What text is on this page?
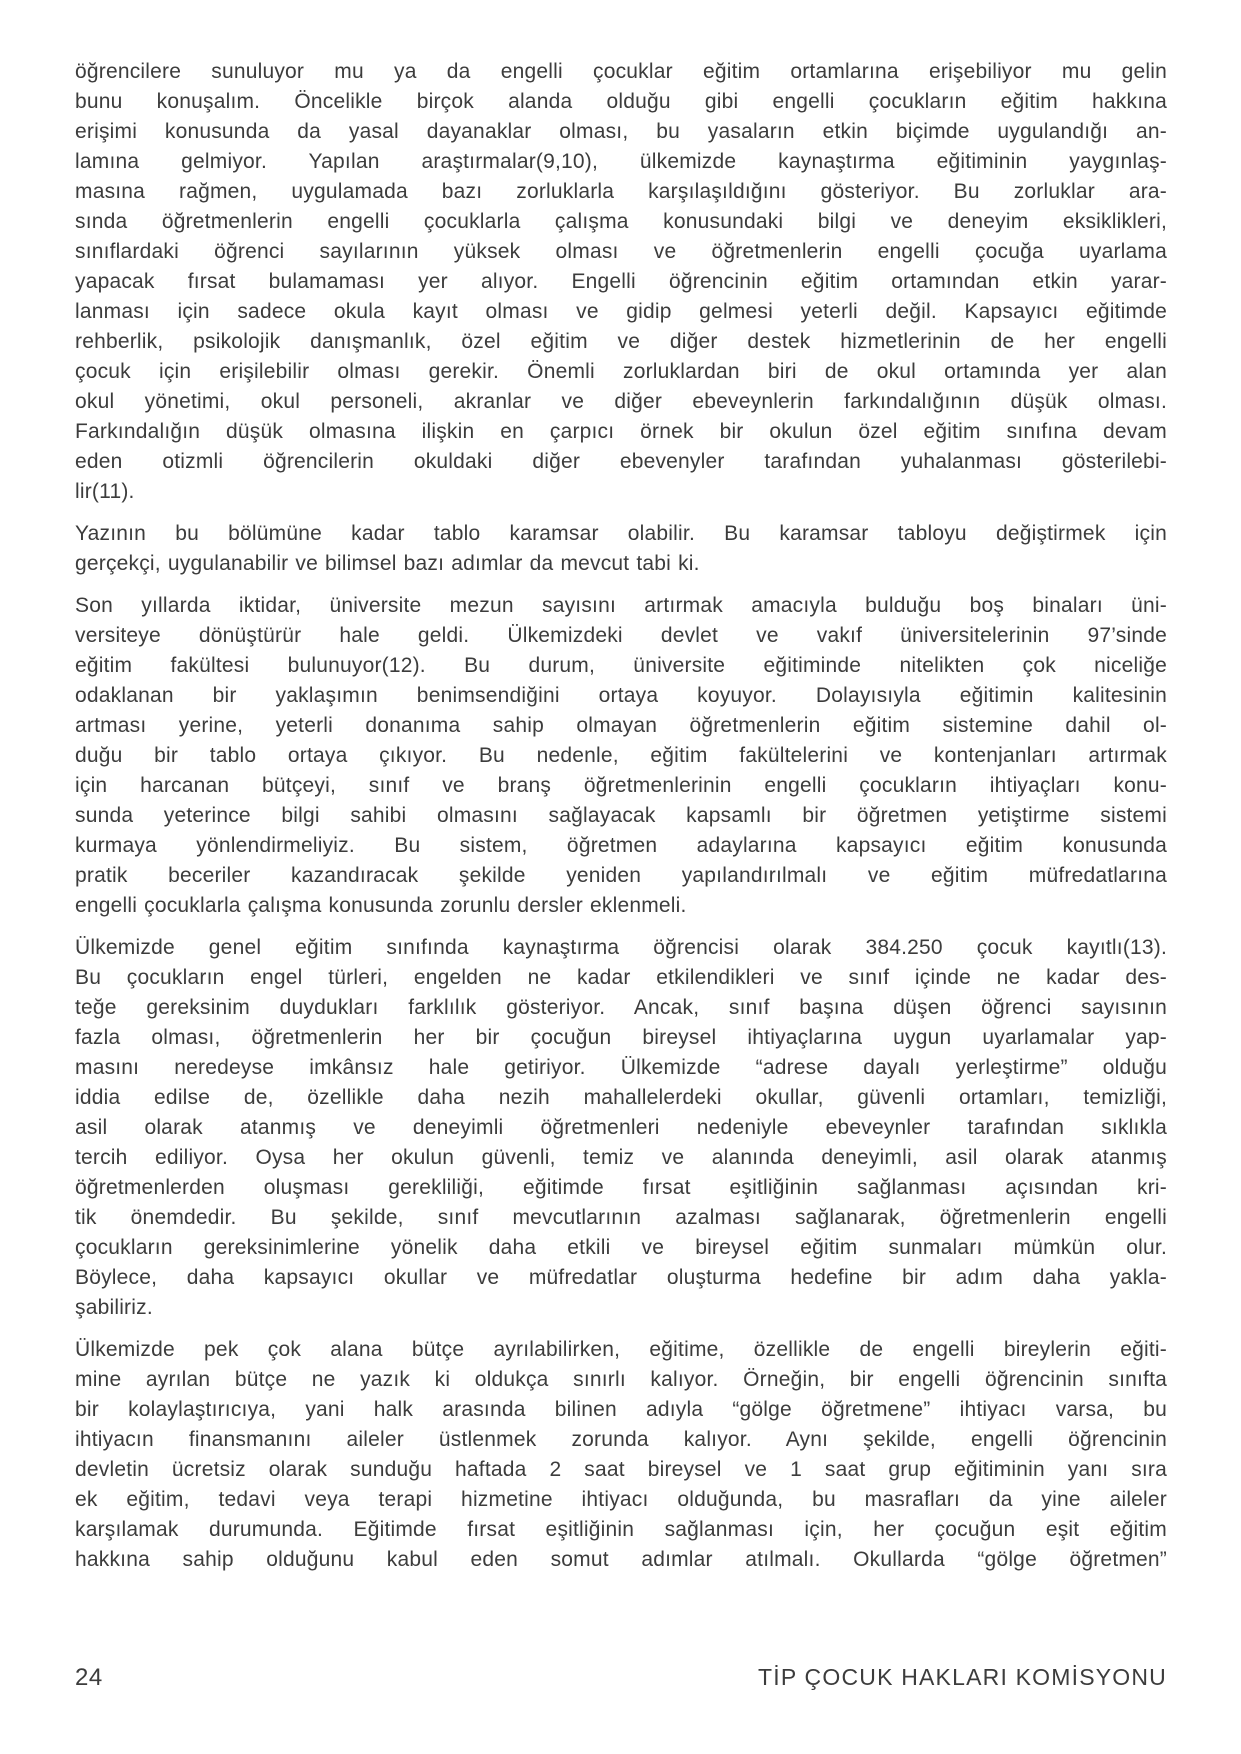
öğrencilere sunuluyor mu ya da engelli çocuklar eğitim ortamlarına erişebiliyor mu gelin
bunu konuşalım. Öncelikle birçok alanda olduğu gibi engelli çocukların eğitim hakkına
erişimi konusunda da yasal dayanaklar olması, bu yasaların etkin biçimde uygulandığı an-
lamına gelmiyor. Yapılan araştırmalar(9,10), ülkemizde kaynaştırma eğitiminin yaygınlaş-
masına rağmen, uygulamada bazı zorluklarla karşılaşıldığını gösteriyor. Bu zorluklar ara-
sında öğretmenlerin engelli çocuklarla çalışma konusundaki bilgi ve deneyim eksiklikleri,
sınıflardaki öğrenci sayılarının yüksek olması ve öğretmenlerin engelli çocuğa uyarlama
yapacak fırsat bulamaması yer alıyor. Engelli öğrencinin eğitim ortamından etkin yarar-
lanması için sadece okula kayıt olması ve gidip gelmesi yeterli değil. Kapsayıcı eğitimde
rehberlik, psikolojik danışmanlık, özel eğitim ve diğer destek hizmetlerinin de her engelli
çocuk için erişilebilir olması gerekir. Önemli zorluklardan biri de okul ortamında yer alan
okul yönetimi, okul personeli, akranlar ve diğer ebeveynlerin farkındalığının düşük olması.
Farkındalığın düşük olmasına ilişkin en çarpıcı örnek bir okulun özel eğitim sınıfına devam
eden otizmli öğrencilerin okuldaki diğer ebevenyler tarafından yuhalanması gösterilebi-
lir(11).
Yazının bu bölümüne kadar tablo karamsar olabilir. Bu karamsar tabloyu değiştirmek için
gerçekçi, uygulanabilir ve bilimsel bazı adımlar da mevcut tabi ki.
Son yıllarda iktidar, üniversite mezun sayısını artırmak amacıyla bulduğu boş binaları üni-
versiteye dönüştürür hale geldi. Ülkemizdeki devlet ve vakıf üniversitelerinin 97’sinde
eğitim fakültesi bulunuyor(12). Bu durum, üniversite eğitiminde nitelikten çok niceliğe
odaklanan bir yaklaşımın benimsendiğini ortaya koyuyor. Dolayısıyla eğitimin kalitesinin
artması yerine, yeterli donanıma sahip olmayan öğretmenlerin eğitim sistemine dahil ol-
duğu bir tablo ortaya çıkıyor. Bu nedenle, eğitim fakültelerini ve kontenjanları artırmak
için harcanan bütçeyi, sınıf ve branş öğretmenlerinin engelli çocukların ihtiyaçları konu-
sunda yeterince bilgi sahibi olmasını sağlayacak kapsamlı bir öğretmen yetiştirme sistemi
kurmaya yönlendirmeliyiz. Bu sistem, öğretmen adaylarına kapsayıcı eğitim konusunda
pratik beceriler kazandıracak şekilde yeniden yapılandırılmalı ve eğitim müfredatlarına
engelli çocuklarla çalışma konusunda zorunlu dersler eklenmeli.
Ülkemizde genel eğitim sınıfında kaynaştırma öğrencisi olarak 384.250 çocuk kayıtlı(13).
Bu çocukların engel türleri, engelden ne kadar etkilendikleri ve sınıf içinde ne kadar des-
teğe gereksinim duydukları farklılık gösteriyor. Ancak, sınıf başına düşen öğrenci sayısının
fazla olması, öğretmenlerin her bir çocuğun bireysel ihtiyaçlarına uygun uyarlamalar yap-
masını neredeyse imkânsız hale getiriyor. Ülkemizde “adrese dayalı yerleştirme” olduğu
iddia edilse de, özellikle daha nezih mahallelerdeki okullar, güvenli ortamları, temizliği,
asil olarak atanmış ve deneyimli öğretmenleri nedeniyle ebeveynler tarafından sıklıkla
tercih ediliyor. Oysa her okulun güvenli, temiz ve alanında deneyimli, asil olarak atanmış
öğretmenlerden oluşması gerekliliği, eğitimde fırsat eşitliğinin sağlanması açısından kri-
tik önemdedir. Bu şekilde, sınıf mevcutlarının azalması sağlanarak, öğretmenlerin engelli
çocukların gereksinimlerine yönelik daha etkili ve bireysel eğitim sunmaları mümkün olur.
Böylece, daha kapsayıcı okullar ve müfredatlar oluşturma hedefine bir adım daha yakla-
şabiliriz.
Ülkemizde pek çok alana bütçe ayrılabilirken, eğitime, özellikle de engelli bireylerin eğiti-
mine ayrılan bütçe ne yazık ki oldukça sınırlı kalıyor. Örneğin, bir engelli öğrencinin sınıfta
bir kolaylaştırıcıya, yani halk arasında bilinen adıyla “gölge öğretmene” ihtiyacı varsa, bu
ihtiyacın finansmanını aileler üstlenmek zorunda kalıyor. Aynı şekilde, engelli öğrencinin
devletin ücretsiz olarak sunduğu haftada 2 saat bireysel ve 1 saat grup eğitiminin yanı sıra
ek eğitim, tedavi veya terapi hizmetine ihtiyacı olduğunda, bu masrafları da yine aileler
karşılamak durumunda. Eğitimde fırsat eşitliğinin sağlanması için, her çocuğun eşit eğitim
hakkına sahip olduğunu kabul eden somut adımlar atılmalı. Okullarda “gölge öğretmen”
24	TİP ÇOCUK HAKLARI KOMİSYONU
